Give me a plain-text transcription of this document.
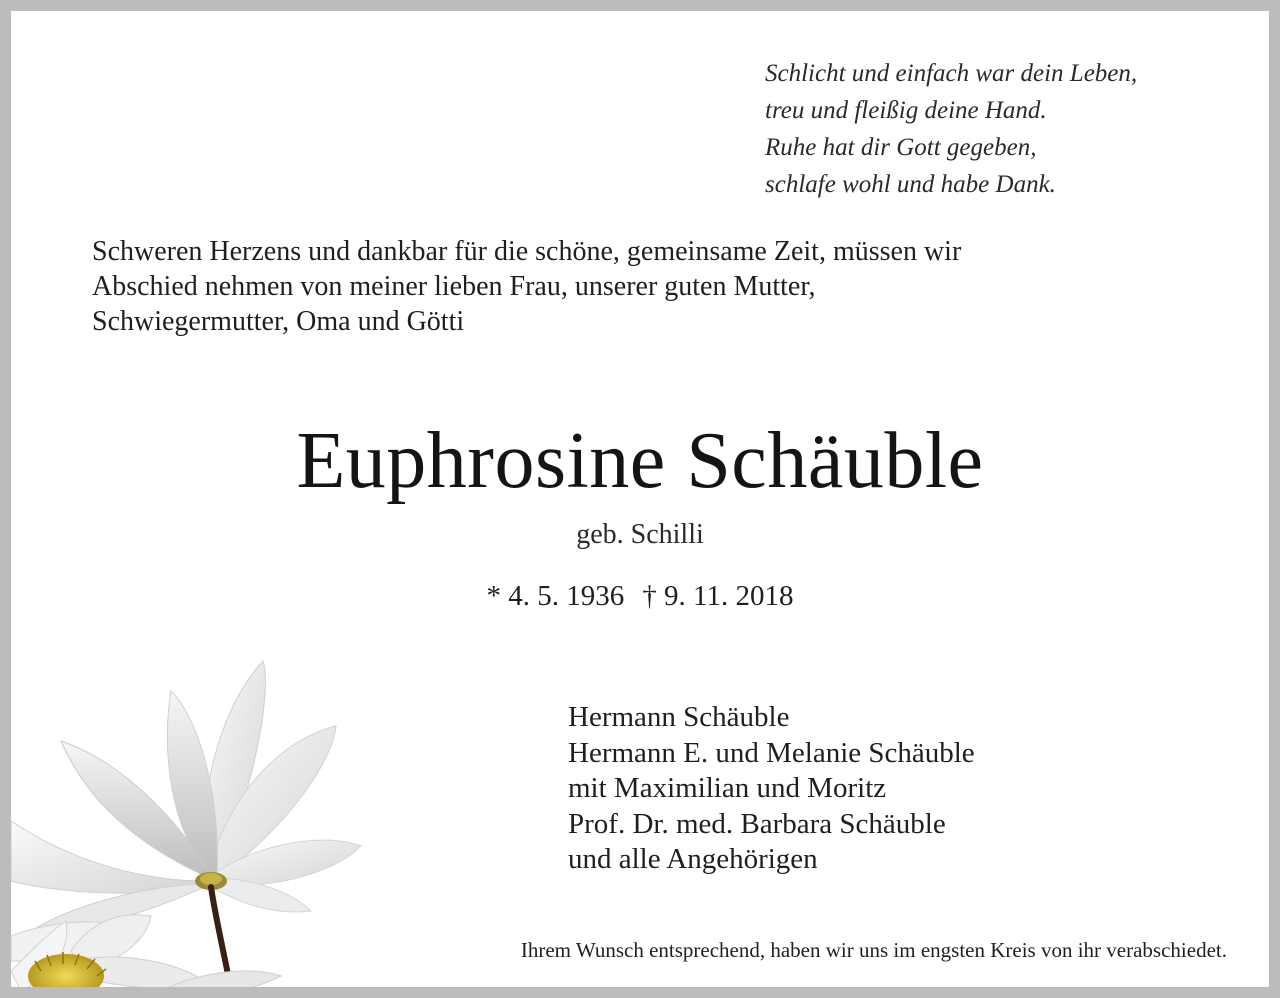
Schlicht und einfach war dein Leben,
treu und fleißig deine Hand.
Ruhe hat dir Gott gegeben,
schlafe wohl und habe Dank.
Schweren Herzens und dankbar für die schöne, gemeinsame Zeit, müssen wir
Abschied nehmen von meiner lieben Frau, unserer guten Mutter,
Schwiegermutter, Oma und Götti
Euphrosine Schäuble
geb. Schilli
* 4. 5. 1936 † 9. 11. 2018
Hermann Schäuble
Hermann E. und Melanie Schäuble
mit Maximilian und Moritz
Prof. Dr. med. Barbara Schäuble
und alle Angehörigen
Ihrem Wunsch entsprechend, haben wir uns im engsten Kreis von ihr verabschiedet.
